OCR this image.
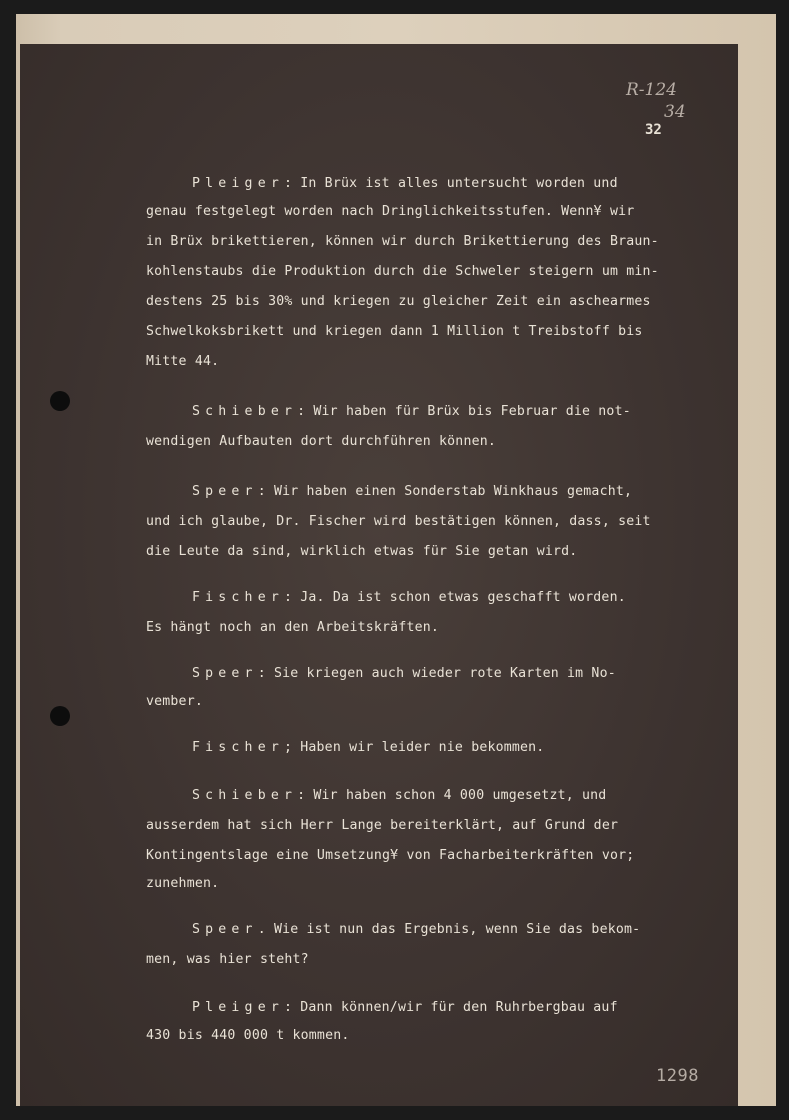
R-124
34
32
Pleiger: In Brüx ist alles untersucht worden und
genau festgelegt worden nach Dringlichkeitsstufen. Wenn¥ wir
in Brüx brikettieren, können wir durch Brikettierung des Braun-
kohlenstaubs die Produktion durch die Schweler steigern um min-
destens 25 bis 30% und kriegen zu gleicher Zeit ein aschearmes
Schwelkoksbrikett und kriegen dann 1 Million t Treibstoff bis
Mitte 44.
Schieber: Wir haben für Brüx bis Februar die not-
wendigen Aufbauten dort durchführen können.
Speer: Wir haben einen Sonderstab Winkhaus gemacht,
und ich glaube, Dr. Fischer wird bestätigen können, dass, seit
die Leute da sind, wirklich etwas für Sie getan wird.
Fischer: Ja. Da ist schon etwas geschafft worden.
Es hängt noch an den Arbeitskräften.
Speer: Sie kriegen auch wieder rote Karten im No-
vember.
Fischer; Haben wir leider nie bekommen.
Schieber: Wir haben schon 4 000 umgesetzt, und
ausserdem hat sich Herr Lange bereiterklärt, auf Grund der
Kontingentslage eine Umsetzung¥ von Facharbeiterkräften vor;
zunehmen.
Speer. Wie ist nun das Ergebnis, wenn Sie das bekom-
men, was hier steht?
Pleiger: Dann können/wir für den Ruhrbergbau auf
430 bis 440 000 t kommen.
1298
